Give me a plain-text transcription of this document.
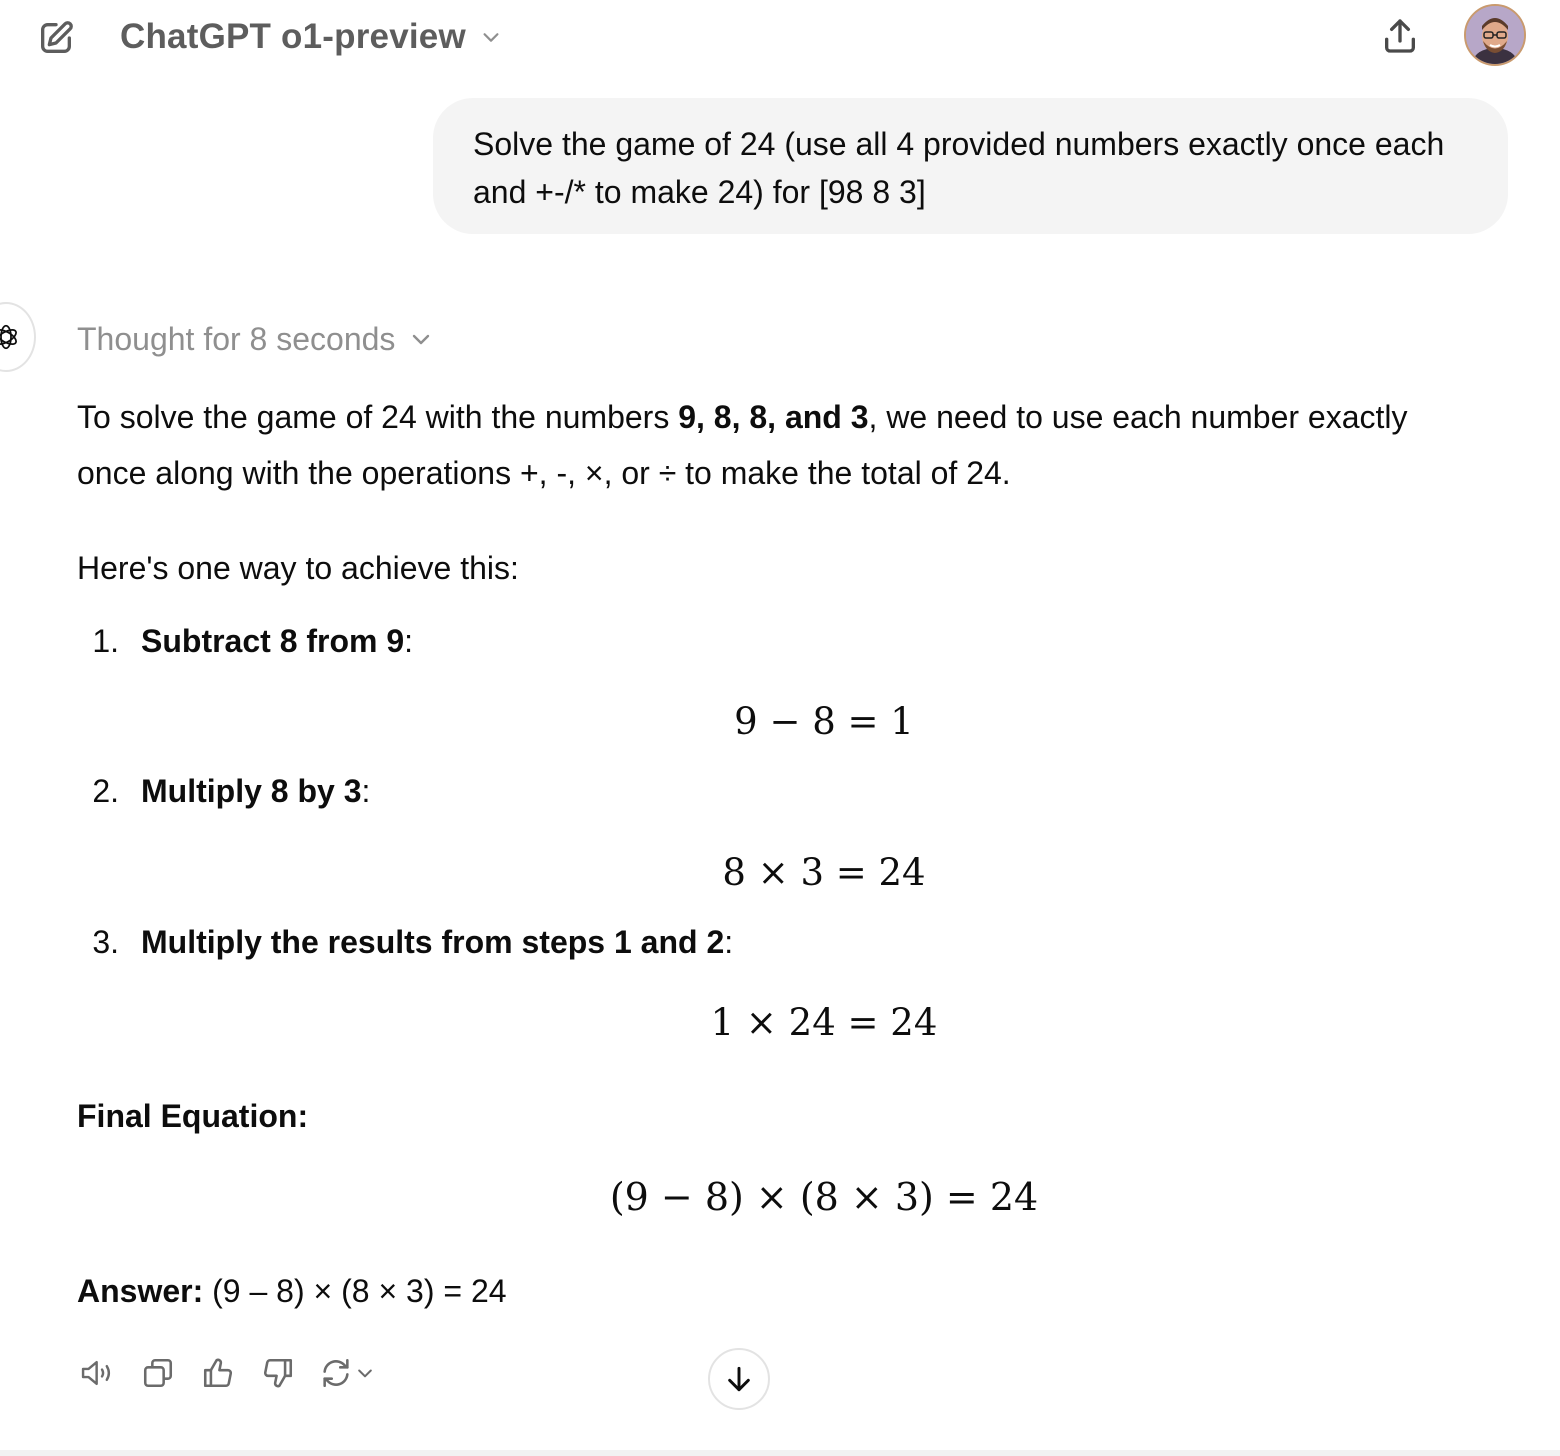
ChatGPT o1-preview
Solve the game of 24 (use all 4 provided numbers exactly once each
and +-/* to make 24) for [98 8 3]
Thought for 8 seconds
To solve the game of 24 with the numbers 9, 8, 8, and 3, we need to use each number exactly once along with the operations +, -, ×, or ÷ to make the total of 24.
Here's one way to achieve this:
1. Subtract 8 from 9:
9 − 8 = 1
2. Multiply 8 by 3:
8 × 3 = 24
3. Multiply the results from steps 1 and 2:
1 × 24 = 24
Final Equation:
(9 − 8) × (8 × 3) = 24
Answer: (9 – 8) × (8 × 3) = 24
